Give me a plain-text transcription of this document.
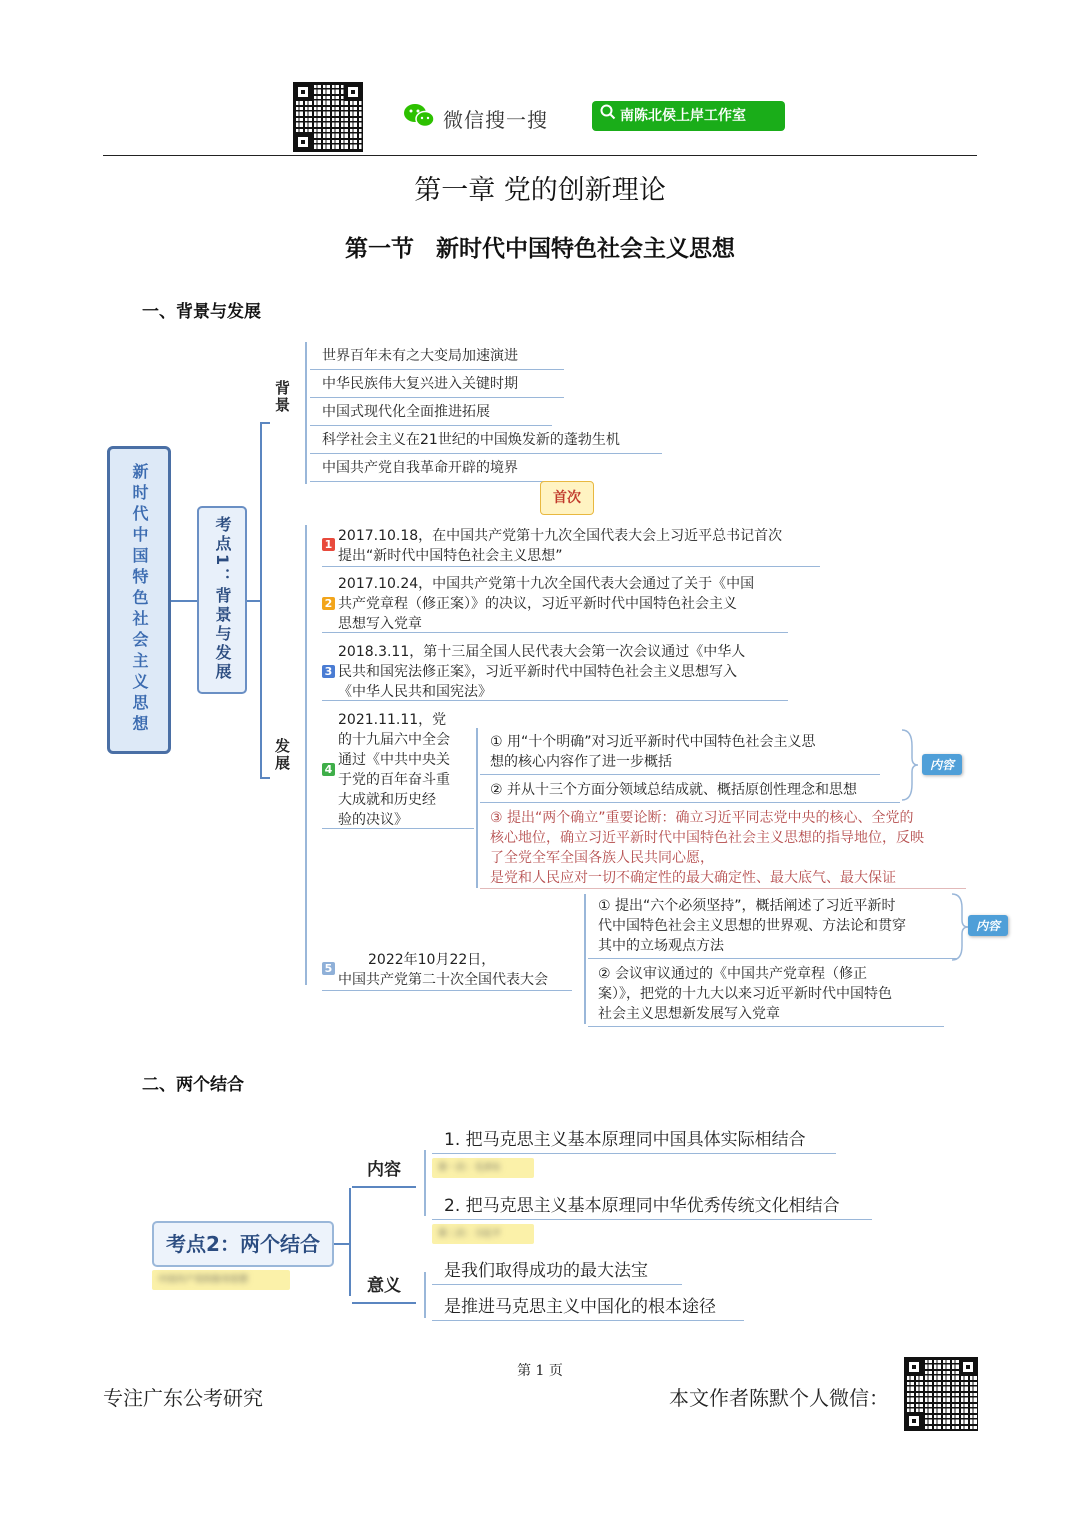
微信搜一搜	南陈北侯上岸工作室
第一章 党的创新理论
第一节 新时代中国特色社会主义思想
一、背景与发展
新时代中国特色社会主义思想	考点1：背景与发展
背景
世界百年未有之大变局加速演进
中华民族伟大复兴进入关键时期
中国式现代化全面推进拓展
科学社会主义在21世纪的中国焕发新的蓬勃生机
中国共产党自我革命开辟的境界
首次
发展
1
2017.10.18，在中国共产党第十九次全国代表大会上习近平总书记首次
提出“新时代中国特色社会主义思想”
2
2017.10.24，中国共产党第十九次全国代表大会通过了关于《中国
共产党章程（修正案）》的决议，习近平新时代中国特色社会主义
思想写入党章
3
2018.3.11，第十三届全国人民代表大会第一次会议通过《中华人
民共和国宪法修正案》，习近平新时代中国特色社会主义思想写入
《中华人民共和国宪法》
4
2021.11.11，党
的十九届六中全会
通过《中共中央关
于党的百年奋斗重
大成就和历史经
验的决议》
① 用“十个明确”对习近平新时代中国特色社会主义思
想的核心内容作了进一步概括
② 并从十三个方面分领域总结成就、概括原创性理念和思想
③ 提出“两个确立”重要论断：确立习近平同志党中央的核心、全党的
核心地位，确立习近平新时代中国特色社会主义思想的指导地位，反映
了全党全军全国各族人民共同心愿，
是党和人民应对一切不确定性的最大确定性、最大底气、最大保证
内容
5
2022年10月22日，
中国共产党第二十次全国代表大会
① 提出“六个必须坚持”，概括阐述了习近平新时
代中国特色社会主义思想的世界观、方法论和贯穿
其中的立场观点方法
② 会议审议通过的《中国共产党章程（修正
案）》，把党的十九大以来习近平新时代中国特色
社会主义思想新发展写入党章
内容
二、两个结合
考点2：两个结合
中国共产党的指导思想
内容
1. 把马克思主义基本原理同中国具体实际相结合
第一次：毛泽东
2. 把马克思主义基本原理同中华优秀传统文化相结合
第二次：习近平
意义
是我们取得成功的最大法宝
是推进马克思主义中国化的根本途径
第 1 页
专注广东公考研究	本文作者陈默个人微信：
